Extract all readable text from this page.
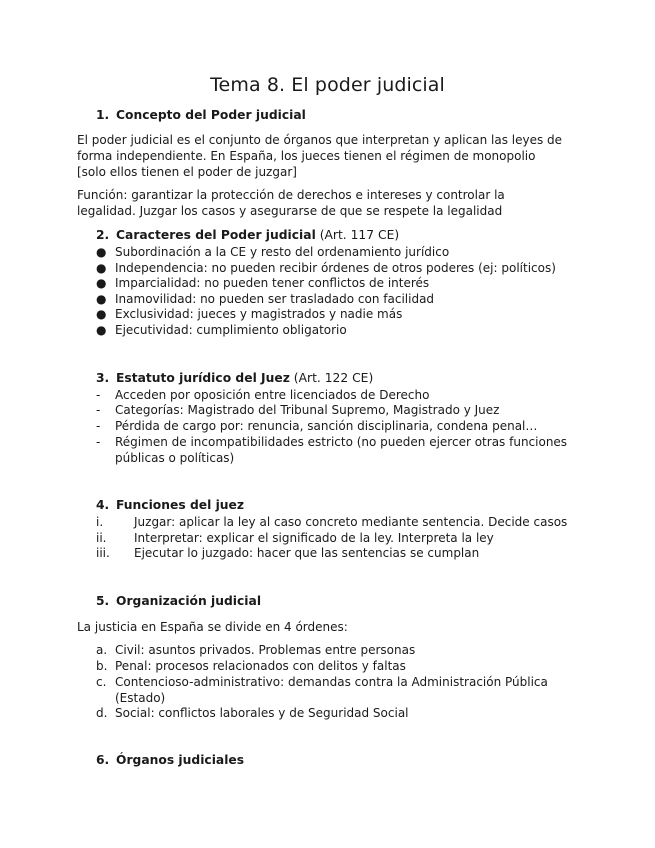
Tema 8. El poder judicial
1. Concepto del Poder judicial
El poder judicial es el conjunto de órganos que interpretan y aplican las leyes de forma independiente. En España, los jueces tienen el régimen de monopolio [solo ellos tienen el poder de juzgar]
Función: garantizar la protección de derechos e intereses y controlar la legalidad. Juzgar los casos y asegurarse de que se respete la legalidad
2. Caracteres del Poder judicial (Art. 117 CE)
● Subordinación a la CE y resto del ordenamiento jurídico
● Independencia: no pueden recibir órdenes de otros poderes (ej: políticos)
● Imparcialidad: no pueden tener conflictos de interés
● Inamovilidad: no pueden ser trasladado con facilidad
● Exclusividad: jueces y magistrados y nadie más
● Ejecutividad: cumplimiento obligatorio
3. Estatuto jurídico del Juez (Art. 122 CE)
- Acceden por oposición entre licenciados de Derecho
- Categorías: Magistrado del Tribunal Supremo, Magistrado y Juez
- Pérdida de cargo por: renuncia, sanción disciplinaria, condena penal…
- Régimen de incompatibilidades estricto (no pueden ejercer otras funciones públicas o políticas)
4. Funciones del juez
i.	Juzgar: aplicar la ley al caso concreto mediante sentencia. Decide casos
ii. Interpretar: explicar el significado de la ley. Interpreta la ley
iii. Ejecutar lo juzgado: hacer que las sentencias se cumplan
5. Organización judicial
La justicia en España se divide en 4 órdenes:
a. Civil: asuntos privados. Problemas entre personas
b. Penal: procesos relacionados con delitos y faltas
c. Contencioso-administrativo: demandas contra la Administración Pública (Estado)
d. Social: conflictos laborales y de Seguridad Social
6. Órganos judiciales
